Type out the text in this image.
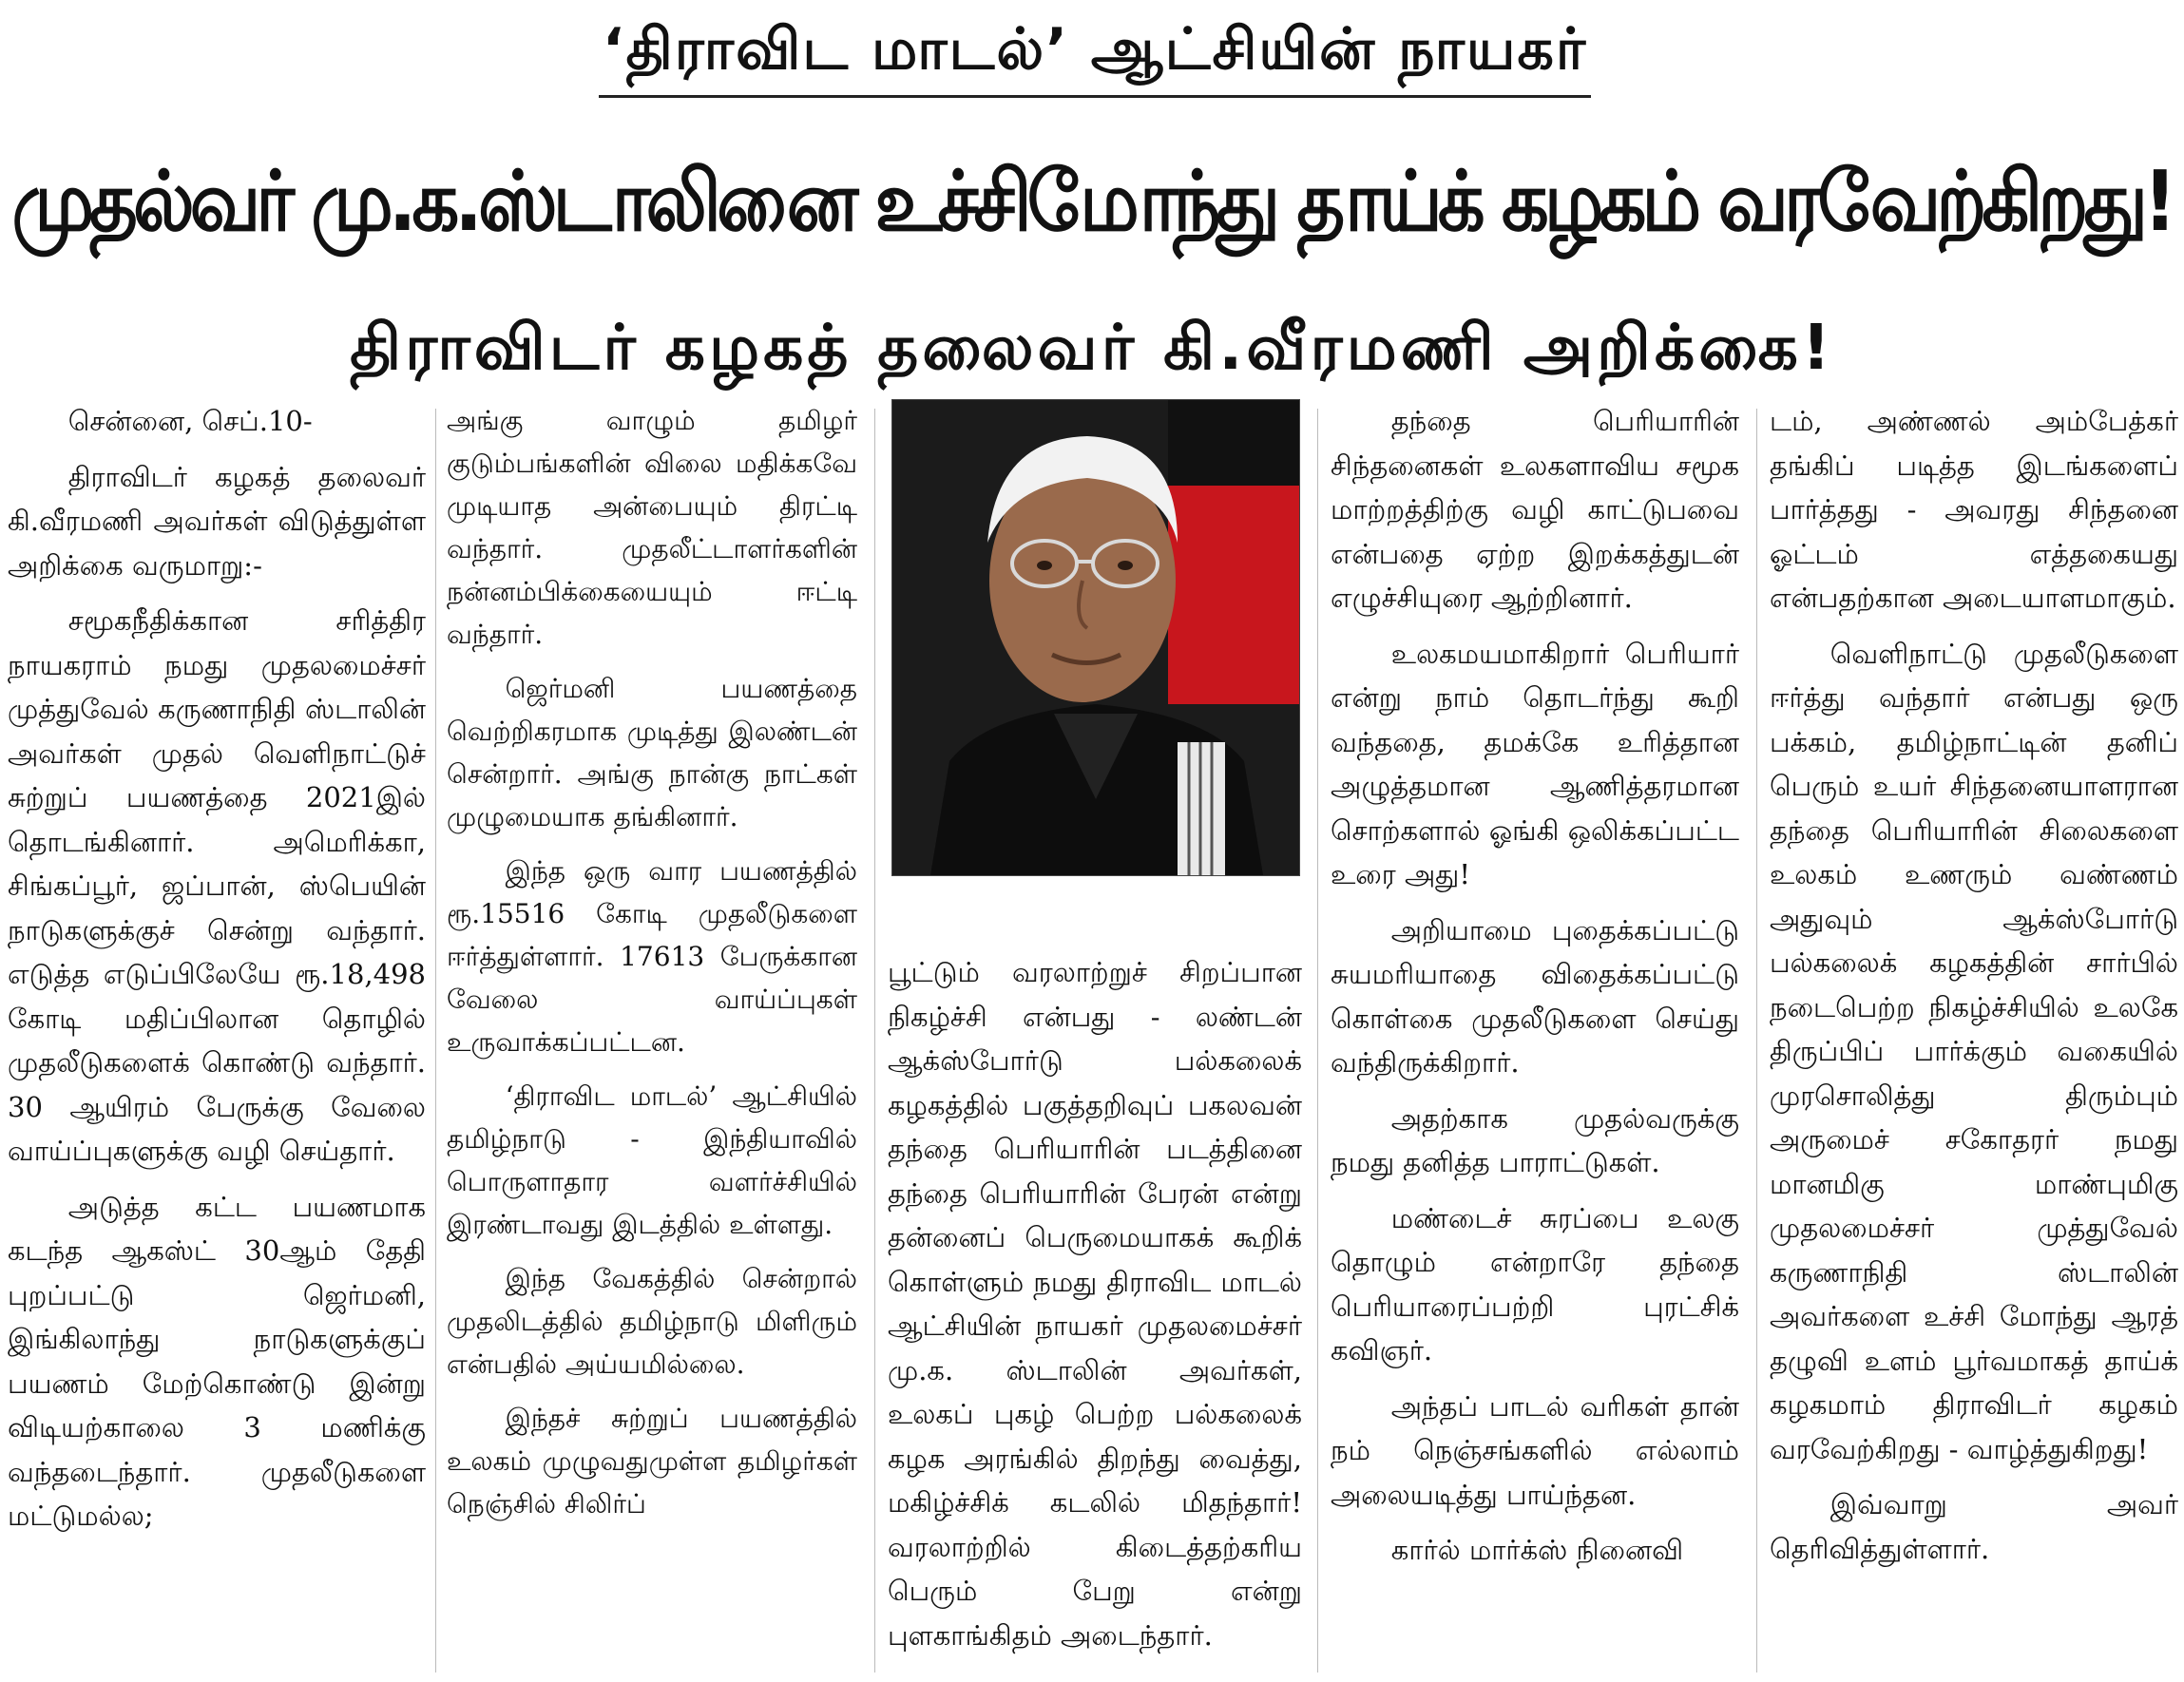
‘திராவிட மாடல்’ ஆட்சியின் நாயகர்
முதல்வர் மு.க.ஸ்டாலினை உச்சிமோந்து தாய்க் கழகம் வரவேற்கிறது!
திராவிடர் கழகத் தலைவர் கி.வீரமணி அறிக்கை!

சென்னை, செப்.10-

திராவிடர் கழகத் தலைவர் கி.வீரமணி அவர்கள் விடுத்துள்ள அறிக்கை வருமாறு:-

சமூகநீதிக்கான சரித்திர நாயகராம் நமது முதலமைச்சர் முத்துவேல் கருணாநிதி ஸ்டாலின் அவர்கள் முதல் வெளிநாட்டுச் சுற்றுப் பயணத்தை 2021இல் தொடங்கினார். அமெரிக்கா, சிங்கப்பூர், ஜப்பான், ஸ்பெயின் நாடுகளுக்குச் சென்று வந்தார். எடுத்த எடுப்பிலேயே ரூ.18,498 கோடி மதிப்பிலான தொழில் முதலீடுகளைக் கொண்டு வந்தார். 30 ஆயிரம் பேருக்கு வேலை வாய்ப்புகளுக்கு வழி செய்தார்.

அடுத்த கட்ட பயணமாக கடந்த ஆகஸ்ட் 30ஆம் தேதி புறப்பட்டு ஜெர்மனி, இங்கிலாந்து நாடுகளுக்குப் பயணம் மேற்கொண்டு இன்று விடியற்காலை 3 மணிக்கு வந்தடைந்தார். முதலீடுகளை மட்டுமல்ல;

அங்கு வாழும் தமிழர் குடும்பங்களின் விலை மதிக்கவே முடியாத அன்பையும் திரட்டி வந்தார். முதலீட்டாளர்களின் நன்னம்பிக்கையையும் ஈட்டி வந்தார்.

ஜெர்மனி பயணத்தை வெற்றிகரமாக முடித்து இலண்டன் சென்றார். அங்கு நான்கு நாட்கள் முழுமையாக தங்கினார்.

இந்த ஒரு வார பயணத்தில் ரூ.15516 கோடி முதலீடுகளை ஈர்த்துள்ளார். 17613 பேருக்கான வேலை வாய்ப்புகள் உருவாக்கப்பட்டன.

‘திராவிட மாடல்’ ஆட்சியில் தமிழ்நாடு - இந்தியாவில் பொருளாதார வளர்ச்சியில் இரண்டாவது இடத்தில் உள்ளது.

இந்த வேகத்தில் சென்றால் முதலிடத்தில் தமிழ்நாடு மிளிரும் என்பதில் அய்யமில்லை.

இந்தச் சுற்றுப் பயணத்தில் உலகம் முழுவதுமுள்ள தமிழர்கள் நெஞ்சில் சிலிர்ப்

பூட்டும் வரலாற்றுச் சிறப்பான நிகழ்ச்சி என்பது - லண்டன் ஆக்ஸ்போர்டு பல்கலைக் கழகத்தில் பகுத்தறிவுப் பகலவன் தந்தை பெரியாரின் படத்தினை தந்தை பெரியாரின் பேரன் என்று தன்னைப் பெருமையாகக் கூறிக் கொள்ளும் நமது திராவிட மாடல் ஆட்சியின் நாயகர் முதலமைச்சர் மு.க. ஸ்டாலின் அவர்கள், உலகப் புகழ் பெற்ற பல்கலைக் கழக அரங்கில் திறந்து வைத்து, மகிழ்ச்சிக் கடலில் மிதந்தார்! வரலாற்றில் கிடைத்தற்கரிய பெரும் பேறு என்று புளகாங்கிதம் அடைந்தார்.

தந்தை பெரியாரின் சிந்தனைகள் உலகளாவிய சமூக மாற்றத்திற்கு வழி காட்டுபவை என்பதை ஏற்ற இறக்கத்துடன் எழுச்சியுரை ஆற்றினார்.

உலகமயமாகிறார் பெரியார் என்று நாம் தொடர்ந்து கூறி வந்ததை, தமக்கே உரித்தான அழுத்தமான ஆணித்தரமான சொற்களால் ஓங்கி ஒலிக்கப்பட்ட உரை அது!

அறியாமை புதைக்கப்பட்டு சுயமரியாதை விதைக்கப்பட்டு கொள்கை முதலீடுகளை செய்து வந்திருக்கிறார்.

அதற்காக முதல்வருக்கு நமது தனித்த பாராட்டுகள்.

மண்டைச் சுரப்பை உலகு தொழும் என்றாரே தந்தை பெரியாரைப்பற்றி புரட்சிக் கவிஞர்.

அந்தப் பாடல் வரிகள் தான் நம் நெஞ்சங்களில் எல்லாம் அலையடித்து பாய்ந்தன.

கார்ல் மார்க்ஸ் நினைவி

டம், அண்ணல் அம்பேத்கர் தங்கிப் படித்த இடங்களைப் பார்த்தது - அவரது சிந்தனை ஓட்டம் எத்தகையது என்பதற்கான அடையாளமாகும்.

வெளிநாட்டு முதலீடுகளை ஈர்த்து வந்தார் என்பது ஒரு பக்கம், தமிழ்நாட்டின் தனிப் பெரும் உயர் சிந்தனையாளரான தந்தை பெரியாரின் சிலைகளை உலகம் உணரும் வண்ணம் அதுவும் ஆக்ஸ்போர்டு பல்கலைக் கழகத்தின் சார்பில் நடைபெற்ற நிகழ்ச்சியில் உலகே திருப்பிப் பார்க்கும் வகையில் முரசொலித்து திரும்பும் அருமைச் சகோதரர் நமது மானமிகு மாண்புமிகு முதலமைச்சர் முத்துவேல் கருணாநிதி ஸ்டாலின் அவர்களை உச்சி மோந்து ஆரத் தழுவி உளம் பூர்வமாகத் தாய்க் கழகமாம் திராவிடர் கழகம் வரவேற்கிறது - வாழ்த்துகிறது!

இவ்வாறு அவர் தெரிவித்துள்ளார்.
